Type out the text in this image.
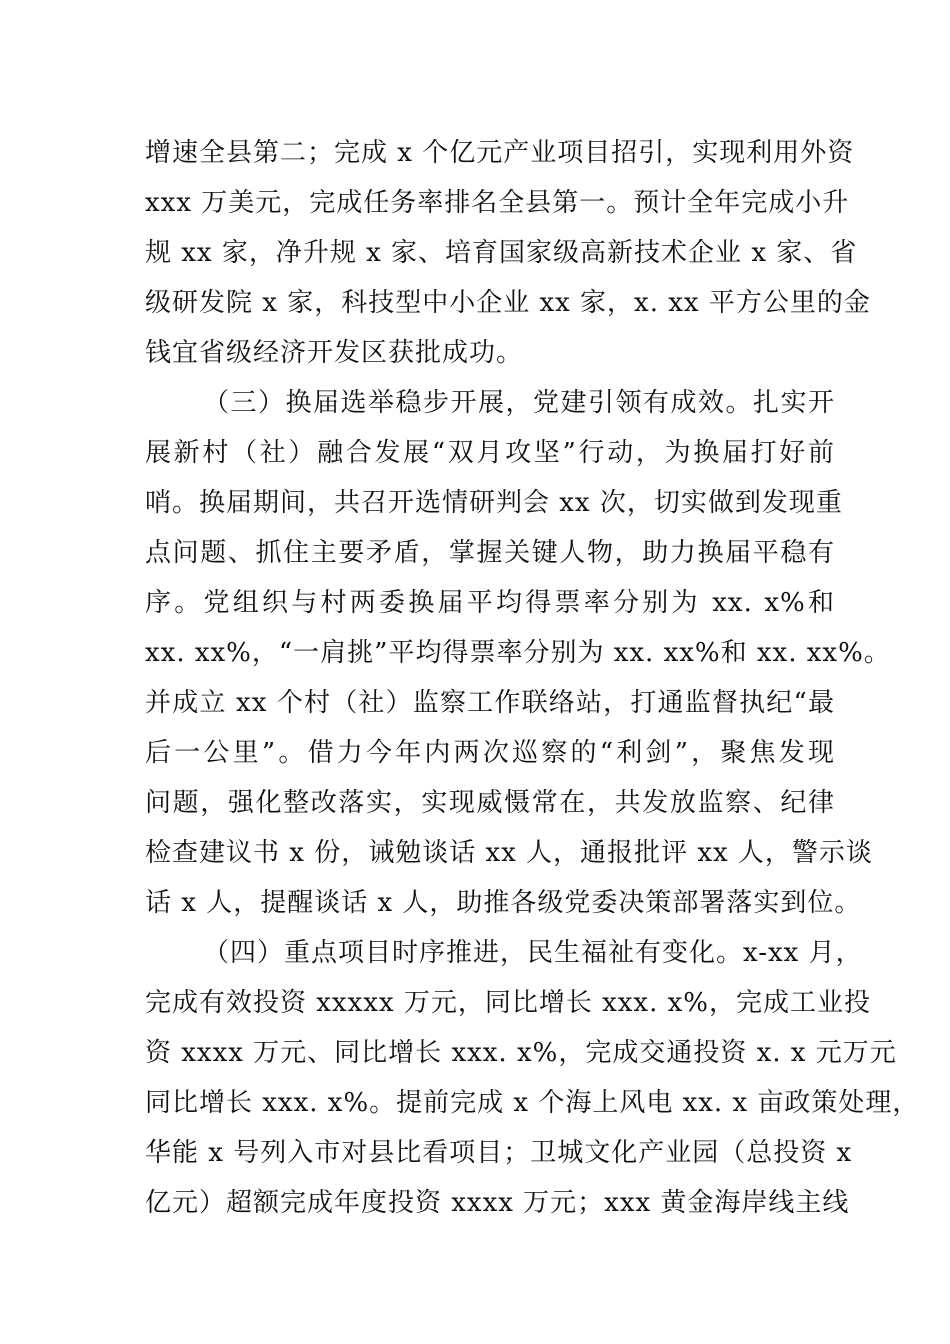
增速全县第二；完成 x 个亿元产业项目招引，实现利用外资
xxx 万美元，完成任务率排名全县第一。预计全年完成小升
规 xx 家，净升规 x 家、培育国家级高新技术企业 x 家、省
级研发院 x 家，科技型中小企业 xx 家，x. xx 平方公里的金
钱宜省级经济开发区获批成功。
（三）换届选举稳步开展，党建引领有成效。扎实开
展新村（社）融合发展“双月攻坚”行动，为换届打好前
哨。换届期间，共召开选情研判会 xx 次，切实做到发现重
点问题、抓住主要矛盾，掌握关键人物，助力换届平稳有
序。党组织与村两委换届平均得票率分别为 xx. x%和
xx. xx%，“一肩挑”平均得票率分别为 xx. xx%和 xx. xx%。
并成立 xx 个村（社）监察工作联络站，打通监督执纪“最
后一公里”。借力今年内两次巡察的“利剑”，聚焦发现
问题，强化整改落实，实现威慑常在，共发放监察、纪律
检查建议书 x 份，诫勉谈话 xx 人，通报批评 xx 人，警示谈
话 x 人，提醒谈话 x 人，助推各级党委决策部署落实到位。
（四）重点项目时序推进，民生福祉有变化。x-xx 月，
完成有效投资 xxxxx 万元，同比增长 xxx. x%，完成工业投
资 xxxx 万元、同比增长 xxx. x%，完成交通投资 x. x 元万元
同比增长 xxx. x%。提前完成 x 个海上风电 xx. x 亩政策处理，
华能 x 号列入市对县比看项目；卫城文化产业园（总投资 x
亿元）超额完成年度投资 xxxx 万元；xxx 黄金海岸线主线
